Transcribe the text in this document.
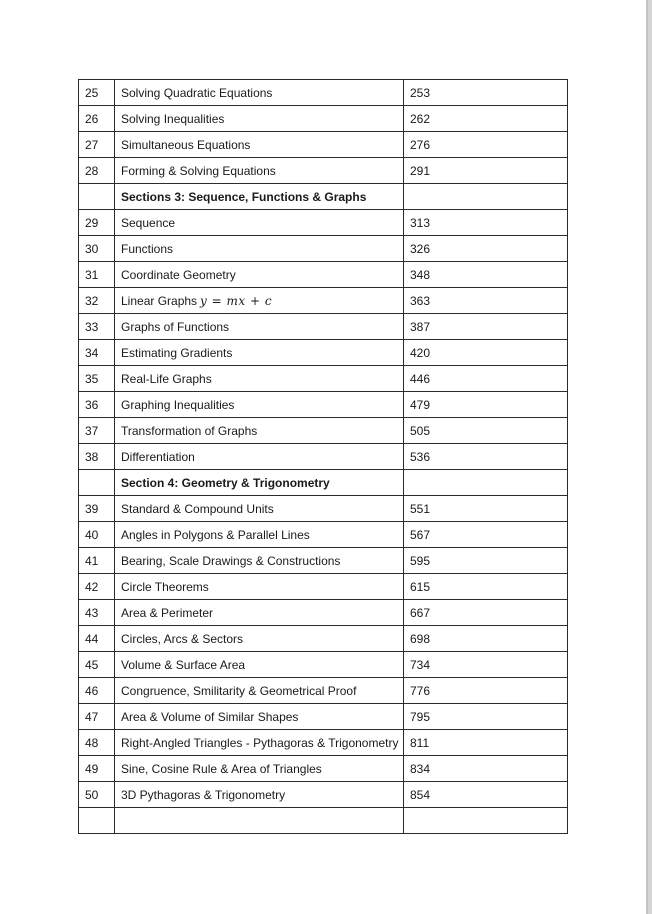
25	Solving Quadratic Equations	253
26	Solving Inequalities	262
27	Simultaneous Equations	276
28	Forming & Solving Equations	291
	Sections 3: Sequence, Functions & Graphs	
29	Sequence	313
30	Functions	326
31	Coordinate Geometry	348
32	Linear Graphs y = mx + c	363
33	Graphs of Functions	387
34	Estimating Gradients	420
35	Real-Life Graphs	446
36	Graphing Inequalities	479
37	Transformation of Graphs	505
38	Differentiation	536
	Section 4: Geometry & Trigonometry	
39	Standard & Compound Units	551
40	Angles in Polygons & Parallel Lines	567
41	Bearing, Scale Drawings & Constructions	595
42	Circle Theorems	615
43	Area & Perimeter	667
44	Circles, Arcs & Sectors	698
45	Volume & Surface Area	734
46	Congruence, Smilitarity & Geometrical Proof	776
47	Area & Volume of Similar Shapes	795
48	Right-Angled Triangles - Pythagoras & Trigonometry	811
49	Sine, Cosine Rule & Area of Triangles	834
50	3D Pythagoras & Trigonometry	854
